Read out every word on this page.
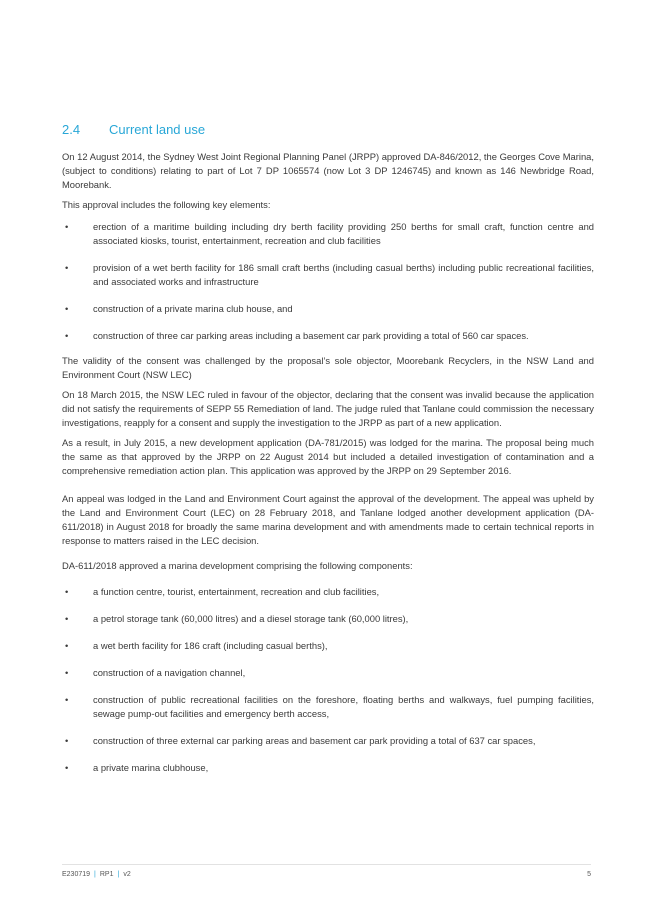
2.4 Current land use

On 12 August 2014, the Sydney West Joint Regional Planning Panel (JRPP) approved DA-846/2012, the Georges Cove Marina, (subject to conditions) relating to part of Lot 7 DP 1065574 (now Lot 3 DP 1246745) and known as 146 Newbridge Road, Moorebank.

This approval includes the following key elements:

•	erection of a maritime building including dry berth facility providing 250 berths for small craft, function centre and associated kiosks, tourist, entertainment, recreation and club facilities
•	provision of a wet berth facility for 186 small craft berths (including casual berths) including public recreational facilities, and associated works and infrastructure
•	construction of a private marina club house, and
•	construction of three car parking areas including a basement car park providing a total of 560 car spaces.

The validity of the consent was challenged by the proposal’s sole objector, Moorebank Recyclers, in the NSW Land and Environment Court (NSW LEC)

On 18 March 2015, the NSW LEC ruled in favour of the objector, declaring that the consent was invalid because the application did not satisfy the requirements of SEPP 55 Remediation of land. The judge ruled that Tanlane could commission the necessary investigations, reapply for a consent and supply the investigation to the JRPP as part of a new application.

As a result, in July 2015, a new development application (DA-781/2015) was lodged for the marina. The proposal being much the same as that approved by the JRPP on 22 August 2014 but included a detailed investigation of contamination and a comprehensive remediation action plan. This application was approved by the JRPP on 29 September 2016.

An appeal was lodged in the Land and Environment Court against the approval of the development. The appeal was upheld by the Land and Environment Court (LEC) on 28 February 2018, and Tanlane lodged another development application (DA-611/2018) in August 2018 for broadly the same marina development and with amendments made to certain technical reports in response to matters raised in the LEC decision.

DA-611/2018 approved a marina development comprising the following components:

•	a function centre, tourist, entertainment, recreation and club facilities,
•	a petrol storage tank (60,000 litres) and a diesel storage tank (60,000 litres),
•	a wet berth facility for 186 craft (including casual berths),
•	construction of a navigation channel,
•	construction of public recreational facilities on the foreshore, floating berths and walkways, fuel pumping facilities, sewage pump-out facilities and emergency berth access,
•	construction of three external car parking areas and basement car park providing a total of 637 car spaces,
•	a private marina clubhouse,
E230719 | RP1 | v2	5
